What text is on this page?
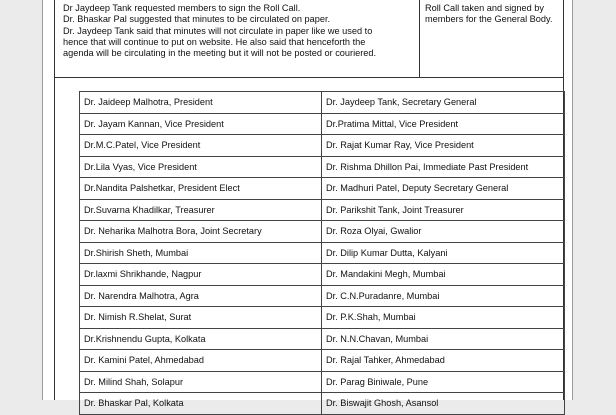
Dr Jaydeep Tank requested members to sign the Roll Call.

Dr. Bhaskar Pal suggested that minutes to be circulated on paper.

Dr. Jaydeep Tank said that minutes will not circulate in paper like we used to

hence that will continue to put on website. He also said that henceforth the

agenda will be circulating in the meeting but it will not be posted or couriered.

Roll Call taken and signed by members for the General Body.
Dr. Jaideep Malhotra, President	Dr. Jaydeep Tank, Secretary General
Dr. Jayam Kannan, Vice President	Dr.Pratima Mittal, Vice President
Dr.M.C.Patel, Vice President	Dr. Rajat Kumar Ray, Vice President
Dr.Lila Vyas, Vice President	Dr. Rishma Dhillon Pai, Immediate Past President
Dr.Nandita Palshetkar, President Elect	Dr. Madhuri Patel, Deputy Secretary General
Dr.Suvarna Khadilkar, Treasurer	Dr. Parikshit Tank, Joint Treasurer
Dr. Neharika Malhotra Bora, Joint Secretary	Dr. Roza Olyai, Gwalior
Dr.Shirish Sheth, Mumbai	Dr. Dilip Kumar Dutta, Kalyani
Dr.laxmi Shrikhande, Nagpur	Dr. Mandakini Megh, Mumbai
Dr. Narendra Malhotra, Agra	Dr. C.N.Puradanre, Mumbai
Dr. Nimish R.Shelat, Surat	Dr. P.K.Shah, Mumbai
Dr.Krishnendu Gupta, Kolkata	Dr. N.N.Chavan, Mumbai
Dr. Kamini Patel, Ahmedabad	Dr. Rajal Tahker, Ahmedabad
Dr. Milind Shah, Solapur	Dr. Parag Biniwale, Pune
Dr. Bhaskar Pal, Kolkata	Dr. Biswajit Ghosh, Asansol
